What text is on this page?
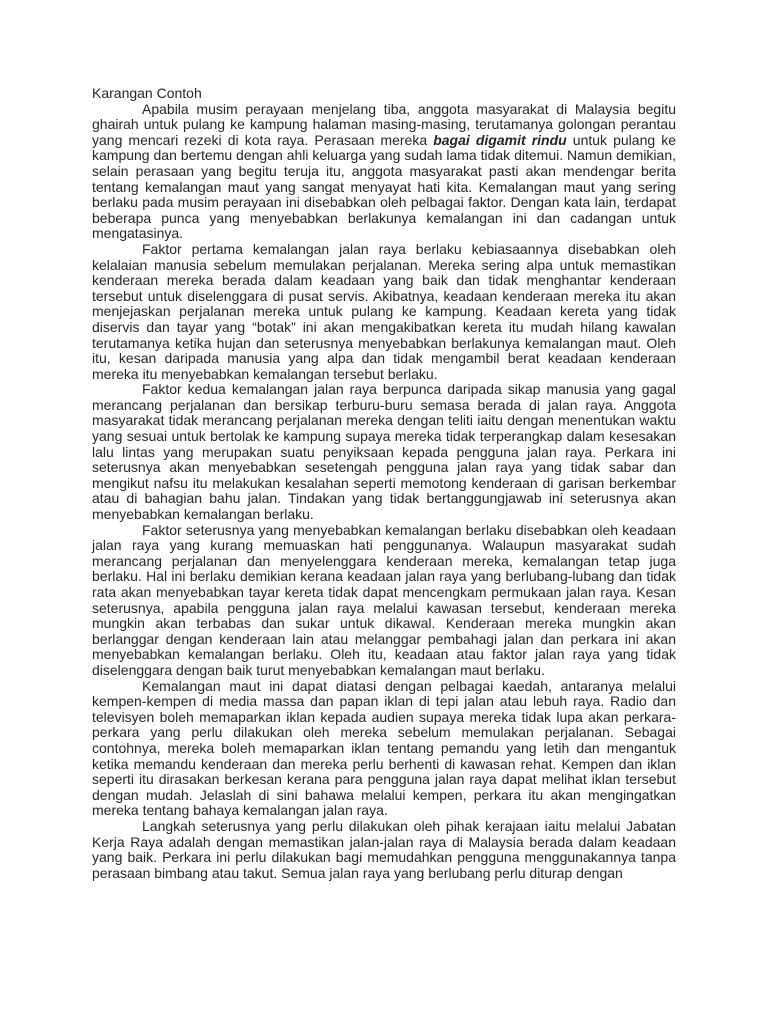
Karangan Contoh

Apabila musim perayaan menjelang tiba, anggota masyarakat di Malaysia begitu ghairah untuk pulang ke kampung halaman masing-masing, terutamanya golongan perantau yang mencari rezeki di kota raya. Perasaan mereka bagai digamit rindu untuk pulang ke kampung dan bertemu dengan ahli keluarga yang sudah lama tidak ditemui. Namun demikian, selain perasaan yang begitu teruja itu, anggota masyarakat pasti akan mendengar berita tentang kemalangan maut yang sangat menyayat hati kita. Kemalangan maut yang sering berlaku pada musim perayaan ini disebabkan oleh pelbagai faktor. Dengan kata lain, terdapat beberapa punca yang menyebabkan berlakunya kemalangan ini dan cadangan untuk mengatasinya.

Faktor pertama kemalangan jalan raya berlaku kebiasaannya disebabkan oleh kelalaian manusia sebelum memulakan perjalanan. Mereka sering alpa untuk memastikan kenderaan mereka berada dalam keadaan yang baik dan tidak menghantar kenderaan tersebut untuk diselenggara di pusat servis. Akibatnya, keadaan kenderaan mereka itu akan menjejaskan perjalanan mereka untuk pulang ke kampung. Keadaan kereta yang tidak diservis dan tayar yang “botak” ini akan mengakibatkan kereta itu mudah hilang kawalan terutamanya ketika hujan dan seterusnya menyebabkan berlakunya kemalangan maut. Oleh itu, kesan daripada manusia yang alpa dan tidak mengambil berat keadaan kenderaan mereka itu menyebabkan kemalangan tersebut berlaku.

Faktor kedua kemalangan jalan raya berpunca daripada sikap manusia yang gagal merancang perjalanan dan bersikap terburu-buru semasa berada di jalan raya. Anggota masyarakat tidak merancang perjalanan mereka dengan teliti iaitu dengan menentukan waktu yang sesuai untuk bertolak ke kampung supaya mereka tidak terperangkap dalam kesesakan lalu lintas yang merupakan suatu penyiksaan kepada pengguna jalan raya. Perkara ini seterusnya akan menyebabkan sesetengah pengguna jalan raya yang tidak sabar dan mengikut nafsu itu melakukan kesalahan seperti memotong kenderaan di garisan berkembar atau di bahagian bahu jalan. Tindakan yang tidak bertanggungjawab ini seterusnya akan menyebabkan kemalangan berlaku.

Faktor seterusnya yang menyebabkan kemalangan berlaku disebabkan oleh keadaan jalan raya yang kurang memuaskan hati penggunanya. Walaupun masyarakat sudah merancang perjalanan dan menyelenggara kenderaan mereka, kemalangan tetap juga berlaku. Hal ini berlaku demikian kerana keadaan jalan raya yang berlubang-lubang dan tidak rata akan menyebabkan tayar kereta tidak dapat mencengkam permukaan jalan raya. Kesan seterusnya, apabila pengguna jalan raya melalui kawasan tersebut, kenderaan mereka mungkin akan terbabas dan sukar untuk dikawal. Kenderaan mereka mungkin akan berlanggar dengan kenderaan lain atau melanggar pembahagi jalan dan perkara ini akan menyebabkan kemalangan berlaku. Oleh itu, keadaan atau faktor jalan raya yang tidak diselenggara dengan baik turut menyebabkan kemalangan maut berlaku.

Kemalangan maut ini dapat diatasi dengan pelbagai kaedah, antaranya melalui kempen-kempen di media massa dan papan iklan di tepi jalan atau lebuh raya. Radio dan televisyen boleh memaparkan iklan kepada audien supaya mereka tidak lupa akan perkara-perkara yang perlu dilakukan oleh mereka sebelum memulakan perjalanan. Sebagai contohnya, mereka boleh memaparkan iklan tentang pemandu yang letih dan mengantuk ketika memandu kenderaan dan mereka perlu berhenti di kawasan rehat. Kempen dan iklan seperti itu dirasakan berkesan kerana para pengguna jalan raya dapat melihat iklan tersebut dengan mudah. Jelaslah di sini bahawa melalui kempen, perkara itu akan mengingatkan mereka tentang bahaya kemalangan jalan raya.

Langkah seterusnya yang perlu dilakukan oleh pihak kerajaan iaitu melalui Jabatan Kerja Raya adalah dengan memastikan jalan-jalan raya di Malaysia berada dalam keadaan yang baik. Perkara ini perlu dilakukan bagi memudahkan pengguna menggunakannya tanpa perasaan bimbang atau takut. Semua jalan raya yang berlubang perlu diturap dengan
